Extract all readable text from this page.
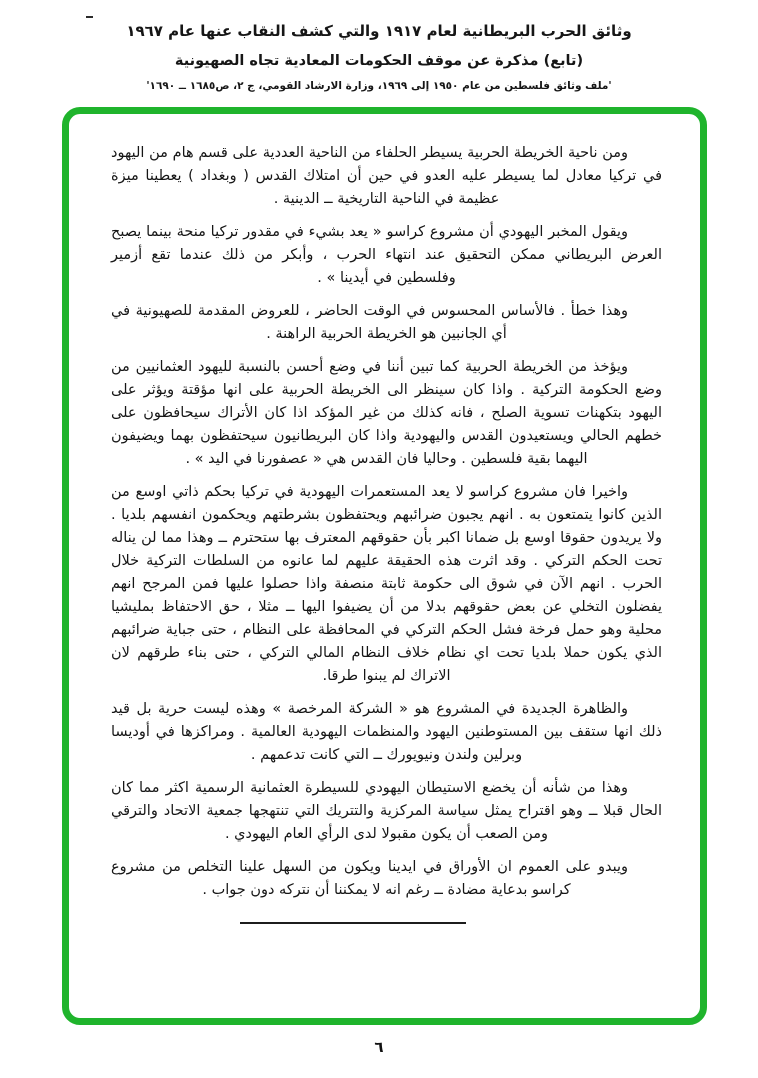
وثائق الحرب البريطانية لعام ١٩١٧ والتي كشف النقاب عنها عام ١٩٦٧
(تابع) مذكرة عن موقف الحكومات المعادية تجاه الصهيونية
'ملف وثائق فلسطين من عام ١٩٥٠ إلى ١٩٦٩، وزارة الارشاد القومي، ج ٢، ص١٦٨٥ ــ ١٦٩٠'

ومن ناحية الخريطة الحربية يسيطر الحلفاء من الناحية العددية على قسم هام من اليهود في تركيا معادل لما يسيطر عليه العدو في حين أن امتلاك القدس ( وبغداد ) يعطينا ميزة عظيمة في الناحية التاريخية ــ الدينية .

ويقول المخبر اليهودي أن مشروع كراسو « يعد بشيء في مقدور تركيا منحة بينما يصبح العرض البريطاني ممكن التحقيق عند انتهاء الحرب ، وأبكر من ذلك عندما تقع أزمير وفلسطين في أيدينا » .

وهذا خطأ . فالأساس المحسوس في الوقت الحاضر ، للعروض المقدمة للصهيونية في أي الجانبين هو الخريطة الحربية الراهنة .

ويؤخذ من الخريطة الحربية كما تبين أننا في وضع أحسن بالنسبة لليهود العثمانيين من وضع الحكومة التركية . واذا كان سينظر الى الخريطة الحربية على انها مؤقتة ويؤثر على اليهود بتكهنات تسوية الصلح ، فانه كذلك من غير المؤكد اذا كان الأتراك سيحافظون على خطهم الحالي ويستعيدون القدس واليهودية واذا كان البريطانيون سيحتفظون بهما ويضيفون اليهما بقية فلسطين . وحاليا فان القدس هي « عصفورنا في اليد » .

واخيرا فان مشروع كراسو لا يعد المستعمرات اليهودية في تركيا بحكم ذاتي اوسع من الذين كانوا يتمتعون به . انهم يجبون ضرائبهم ويحتفظون بشرطتهم ويحكمون انفسهم بلديا . ولا يريدون حقوقا اوسع بل ضمانا اكبر بأن حقوقهم المعترف بها ستحترم ــ وهذا مما لن يناله تحت الحكم التركي . وقد اثرت هذه الحقيقة عليهم لما عانوه من السلطات التركية خلال الحرب . انهم الآن في شوق الى حكومة ثابتة منصفة واذا حصلوا عليها فمن المرجح انهم يفضلون التخلي عن بعض حقوقهم بدلا من أن يضيفوا اليها ــ مثلا ، حق الاحتفاظ بمليشيا محلية وهو حمل فرخة فشل الحكم التركي في المحافظة على النظام ، حتى جباية ضرائبهم الذي يكون حملا بلديا تحت اي نظام خلاف النظام المالي التركي ، حتى بناء طرقهم لان الاتراك لم يبنوا طرقا.

والظاهرة الجديدة في المشروع هو « الشركة المرخصة » وهذه ليست حرية بل قيد ذلك انها ستقف بين المستوطنين اليهود والمنظمات اليهودية العالمية . ومراكزها في أوديسا وبرلين ولندن ونيويورك ــ التي كانت تدعمهم .

وهذا من شأنه أن يخضع الاستيطان اليهودي للسيطرة العثمانية الرسمية اكثر مما كان الحال قبلا ــ وهو اقتراح يمثل سياسة المركزية والتتريك التي تنتهجها جمعية الاتحاد والترقي ومن الصعب أن يكون مقبولا لدى الرأي العام اليهودي .

ويبدو على العموم ان الأوراق في ايدينا ويكون من السهل علينا التخلص من مشروع كراسو بدعاية مضادة ــ رغم انه لا يمكننا أن نتركه دون جواب .

٦
